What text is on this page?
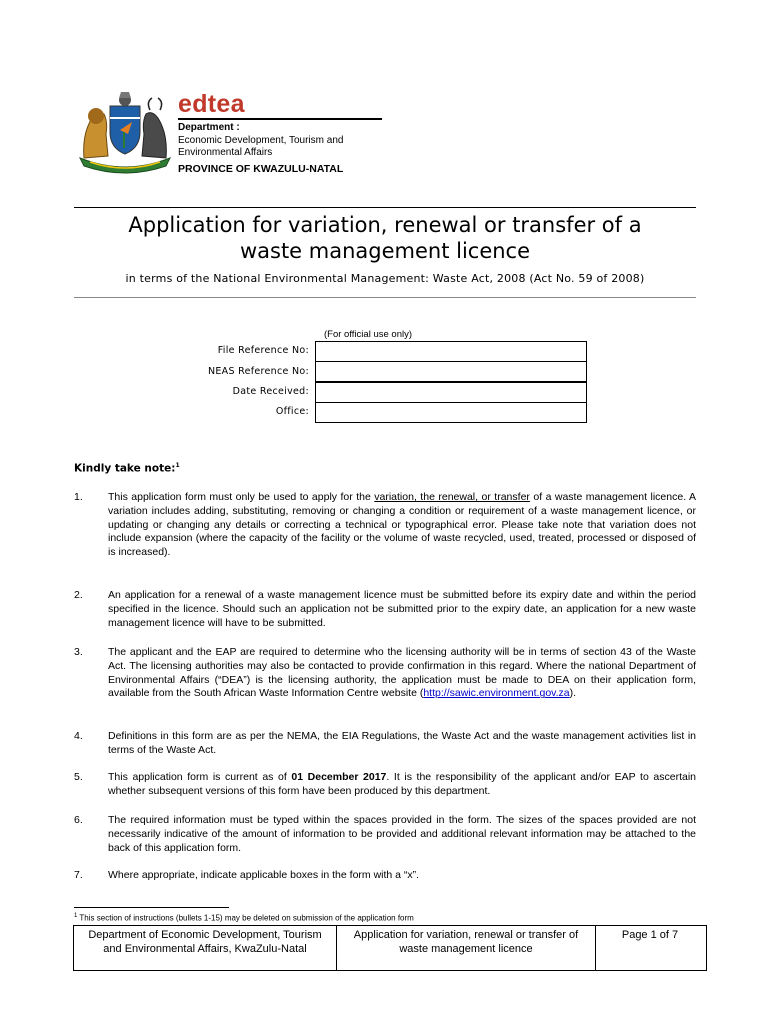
edtea
Department :
Economic Development, Tourism and
Environmental Affairs
PROVINCE OF KWAZULU-NATAL
Application for variation, renewal or transfer of a
waste management licence
in terms of the National Environmental Management: Waste Act, 2008 (Act No. 59 of 2008)
(For official use only)
File Reference No:
NEAS Reference No:
Date Received:
Office:
Kindly take note:$^1$
1. This application form must only be used to apply for the variation, the renewal, or transfer of a waste management licence. A variation includes adding, substituting, removing or changing a condition or requirement of a waste management licence, or updating or changing any details or correcting a technical or typographical error. Please take note that variation does not include expansion (where the capacity of the facility or the volume of waste recycled, used, treated, processed or disposed of is increased).
2. An application for a renewal of a waste management licence must be submitted before its expiry date and within the period specified in the licence. Should such an application not be submitted prior to the expiry date, an application for a new waste management licence will have to be submitted.
3. The applicant and the EAP are required to determine who the licensing authority will be in terms of section 43 of the Waste Act. The licensing authorities may also be contacted to provide confirmation in this regard. Where the national Department of Environmental Affairs (“DEA”) is the licensing authority, the application must be made to DEA on their application form, available from the South African Waste Information Centre website (http://sawic.environment.gov.za).
4. Definitions in this form are as per the NEMA, the EIA Regulations, the Waste Act and the waste management activities list in terms of the Waste Act.
5. This application form is current as of 01 December 2017. It is the responsibility of the applicant and/or EAP to ascertain whether subsequent versions of this form have been produced by this department.
6. The required information must be typed within the spaces provided in the form. The sizes of the spaces provided are not necessarily indicative of the amount of information to be provided and additional relevant information may be attached to the back of this application form.
7. Where appropriate, indicate applicable boxes in the form with a “x”.
$^1$ This section of instructions (bullets 1-15) may be deleted on submission of the application form
Department of Economic Development, Tourism and Environmental Affairs, KwaZulu-Natal
Application for variation, renewal or transfer of waste management licence
Page 1 of 7
